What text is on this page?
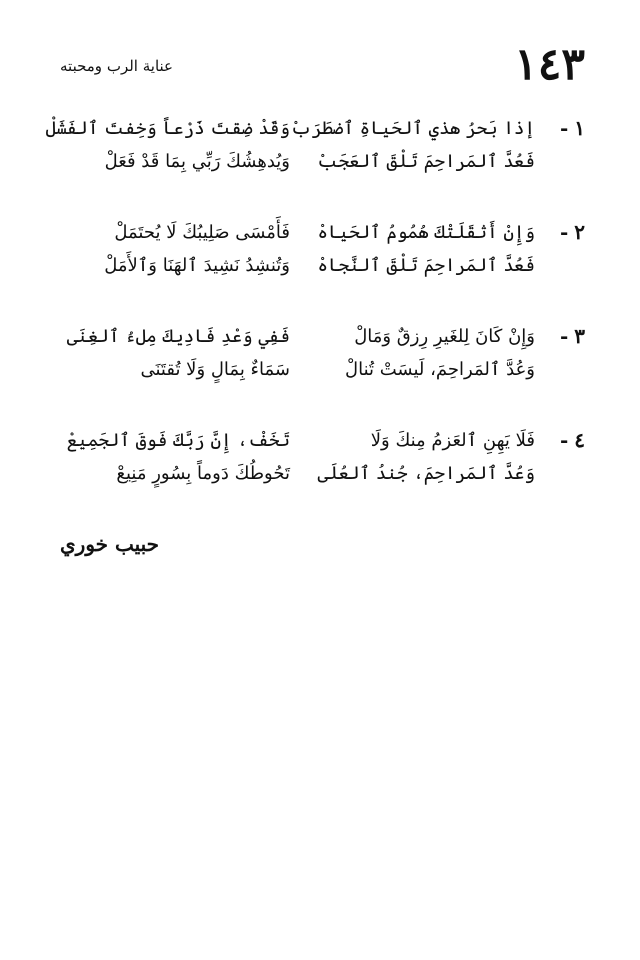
١٤٣
عناية الرب ومحبته
١-
إذا بَحرُ هذي ٱلحَياةِ ٱضطَرَبْ
فَعُدَّ ٱلمَراحِمَ تَلْقَ ٱلعَجَبْ
وَقَدْ ضِقتَ ذَرْعاً وَخِفتَ ٱلفَشَلْ
وَيُدهِشُكَ رَبِّي بِمَا قَدْ فَعَلْ
٢-
وَإِنْ أَثقَلَتْكَ هُمُومُ ٱلحَياهْ
فَعُدَّ ٱلمَراحِمَ تَلْقَ ٱلنَّجاهْ
فَأَمْسَى صَلِيبُكَ لَا يُحتَمَلْ
وَتُنشِدُ نَشِيدَ ٱلهَنَا وَٱلأَمَلْ
٣-
وَإِنْ كَانَ لِلغَيرِ رِزقٌ وَمَالْ
وَعُدَّ ٱلمَراحِمَ، لَيسَتْ تُنالْ
فَفِي وَعْدِ فَادِيكَ مِلءُ ٱلغِنَى
سَمَاءٌ بِمَالٍ وَلَا تُقتَنَى
٤-
فَلَا يَهِنِ ٱلعَزمُ مِنكَ وَلَا
وَعُدَّ ٱلمَراحِمَ، جُندُ ٱلعُلَى
تَخَفْ، إِنَّ رَبَّكَ فَوقَ ٱلجَمِيعْ
تَحُوطُكَ دَوماً بِسُورٍ مَنِيعْ
حبيب خوري
